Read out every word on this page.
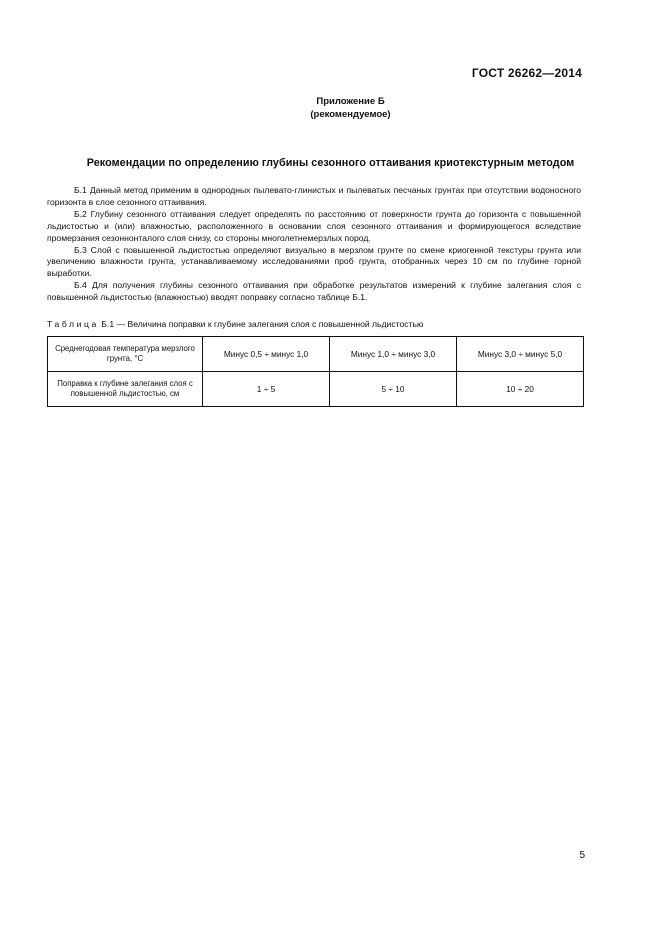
ГОСТ 26262—2014
Приложение Б
(рекомендуемое)
Рекомендации по определению глубины сезонного оттаивания криотекстурным методом

Б.1 Данный метод применим в однородных пылевато-глинистых и пылеватых песчаных грунтах при отсутствии водоносного горизонта в слое сезонного оттаивания.

Б.2 Глубину сезонного оттаивания следует определять по расстоянию от поверхности грунта до горизонта с повышенной льдистостью и (или) влажностью, расположенного в основании слоя сезонного оттаивания и формирующегося вследствие промерзания сезоннонталого слоя снизу, со стороны многолетнемерзлых пород.

Б.3 Слой с повышенной льдистостью определяют визуально в мерзлом грунте по смене криогенной текстуры грунта или увеличению влажности грунта, устанавливаемому исследованиями проб грунта, отобранных через 10 см по глубине горной выработки.

Б.4 Для получения глубины сезонного оттаивания при обработке результатов измерений к глубине залегания слоя с повышенной льдистостью (влажностью) вводят поправку согласно таблице Б.1.

Таблица Б.1 — Величина поправки к глубине залегания слоя с повышенной льдистостью
Среднегодовая температура мерзлого грунта, °С	Минус 0,5 ÷ минус 1,0	Минус 1,0 ÷ минус 3,0	Минус 3,0 ÷ минус 5,0
Поправка к глубине залегания слоя с повышенной льдистостью, см	1 ÷ 5	5 ÷ 10	10 ÷ 20
5
